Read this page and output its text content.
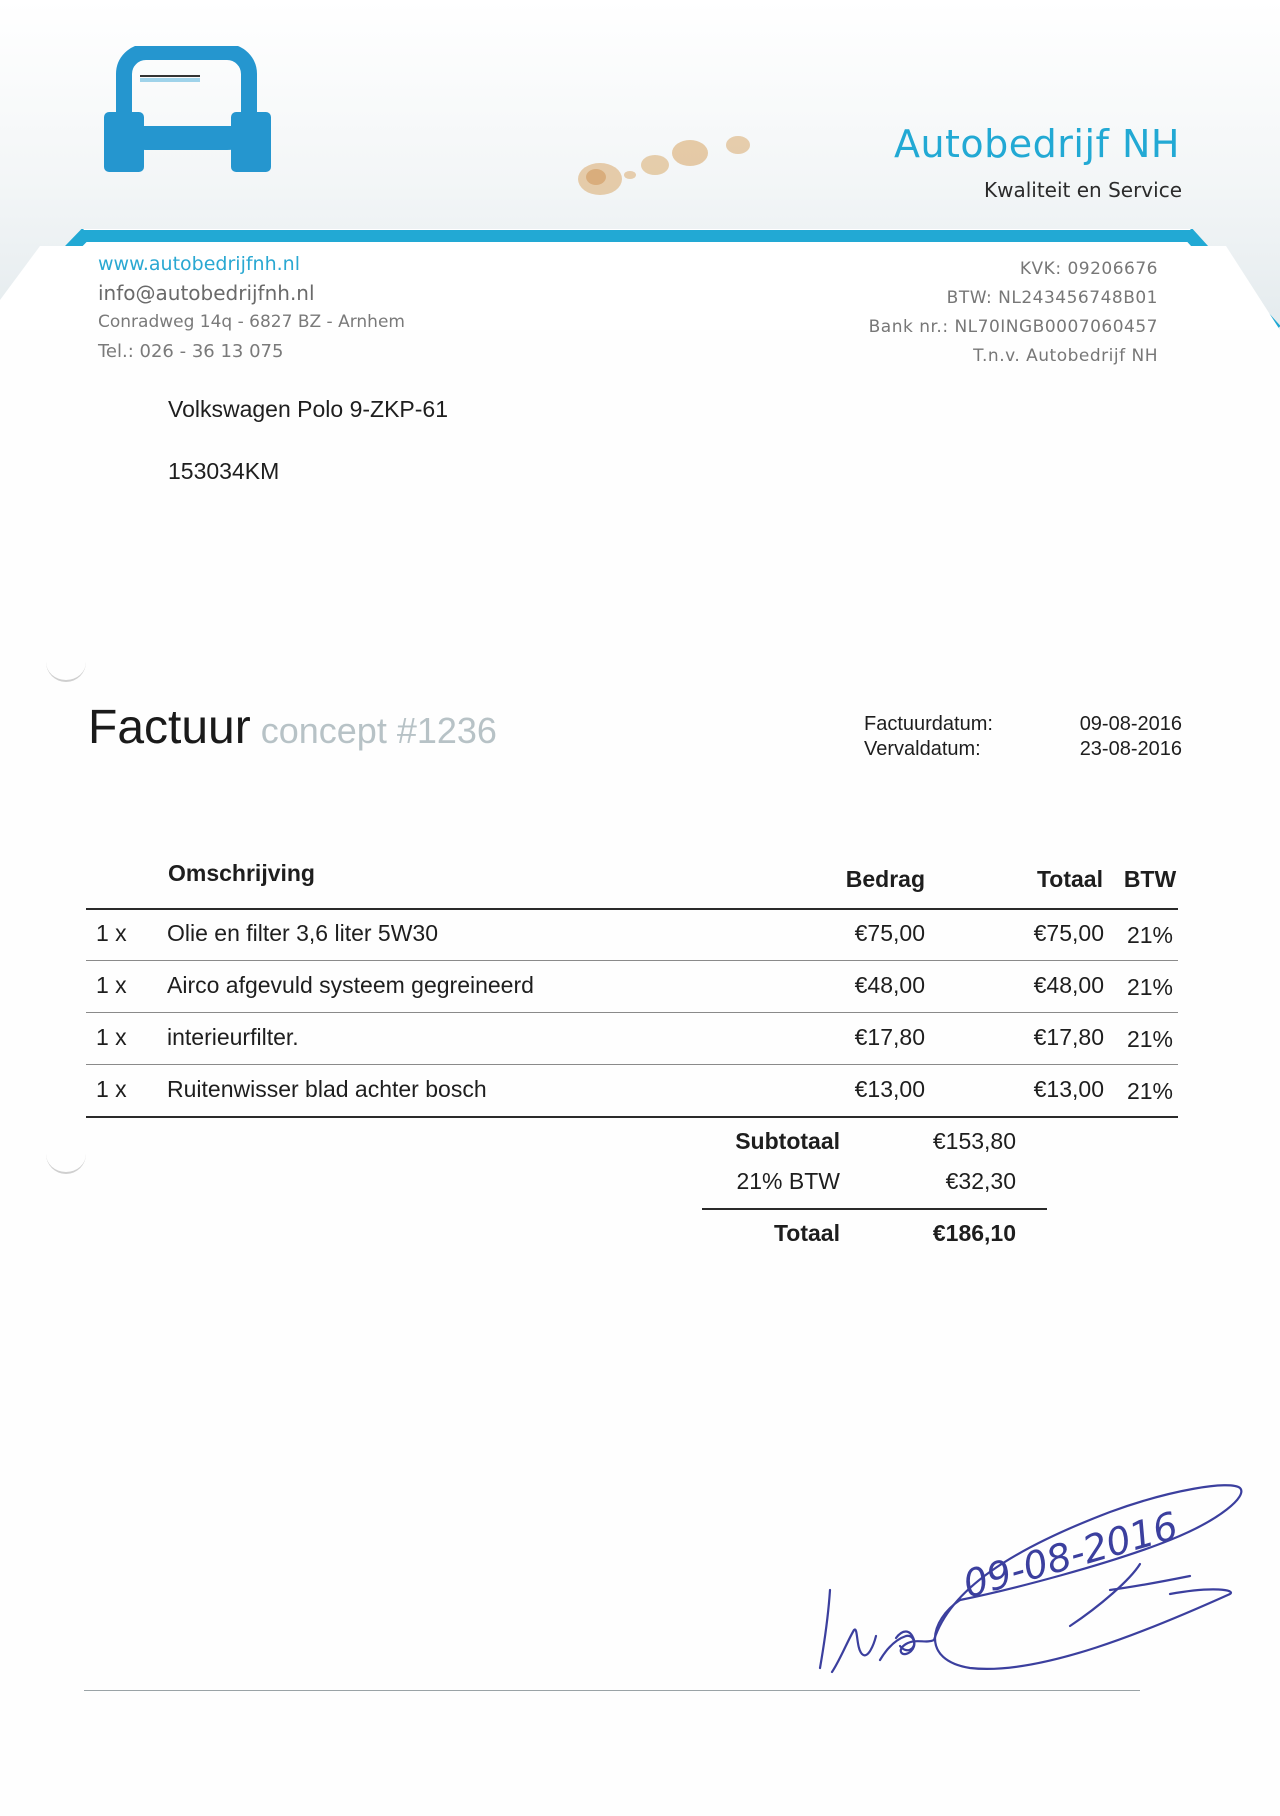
Autobedrijf NH
Kwaliteit en Service
www.autobedrijfnh.nl
info@autobedrijfnh.nl
Conradweg 14q - 6827 BZ - Arnhem
Tel.: 026 - 36 13 075
KVK: 09206676
BTW: NL243456748B01
Bank nr.: NL70INGB0007060457
T.n.v. Autobedrijf NH
Volkswagen Polo 9-ZKP-61
153034KM
Factuur concept #1236	Factuurdatum:	09-08-2016
Vervaldatum:	23-08-2016
Omschrijving	Bedrag	Totaal BTW
1 x Olie en filter 3,6 liter 5W30	€75,00	€75,00 21%
1 x Airco afgevuld systeem gegreineerd	€48,00	€48,00 21%
1 x interieurfilter.	€17,80	€17,80 21%
1 x Ruitenwisser blad achter bosch	€13,00	€13,00 21%
Subtotaal	€153,80
21% BTW	€32,30
Totaal	€186,10
09-08-2016
